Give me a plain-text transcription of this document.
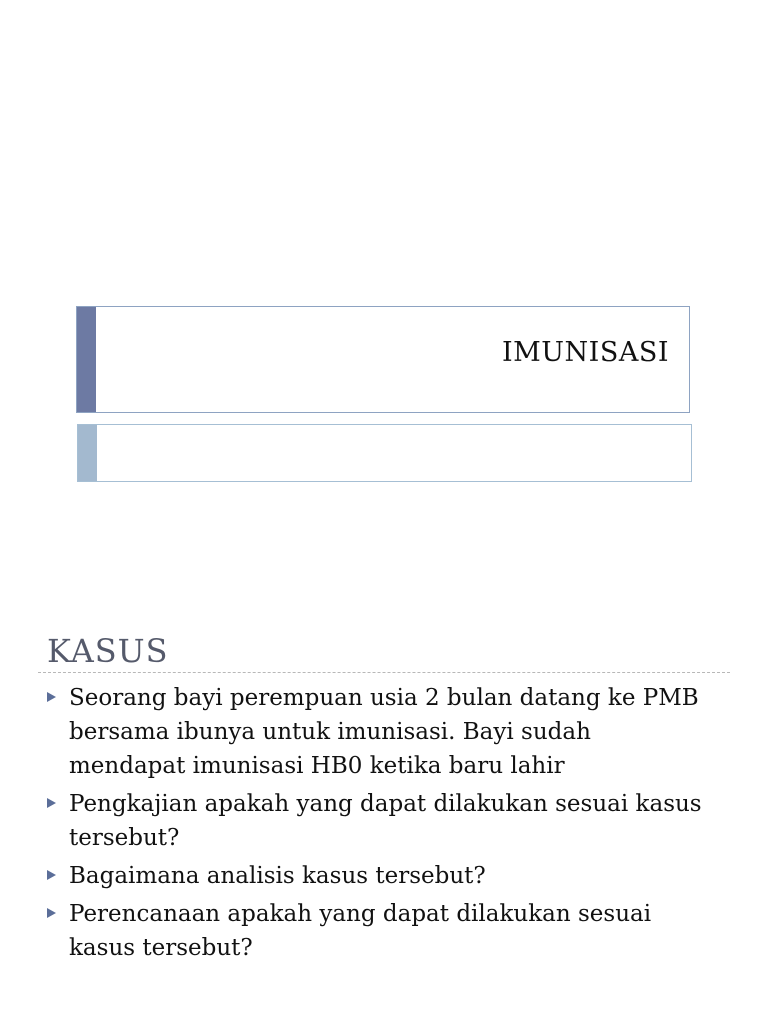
IMUNISASI
KASUS
Seorang bayi perempuan usia 2 bulan datang ke PMB bersama ibunya untuk imunisasi. Bayi sudah mendapat imunisasi HB0 ketika baru lahir
Pengkajian apakah yang dapat dilakukan sesuai kasus tersebut?
Bagaimana analisis kasus tersebut?
Perencanaan apakah yang dapat dilakukan sesuai kasus tersebut?
